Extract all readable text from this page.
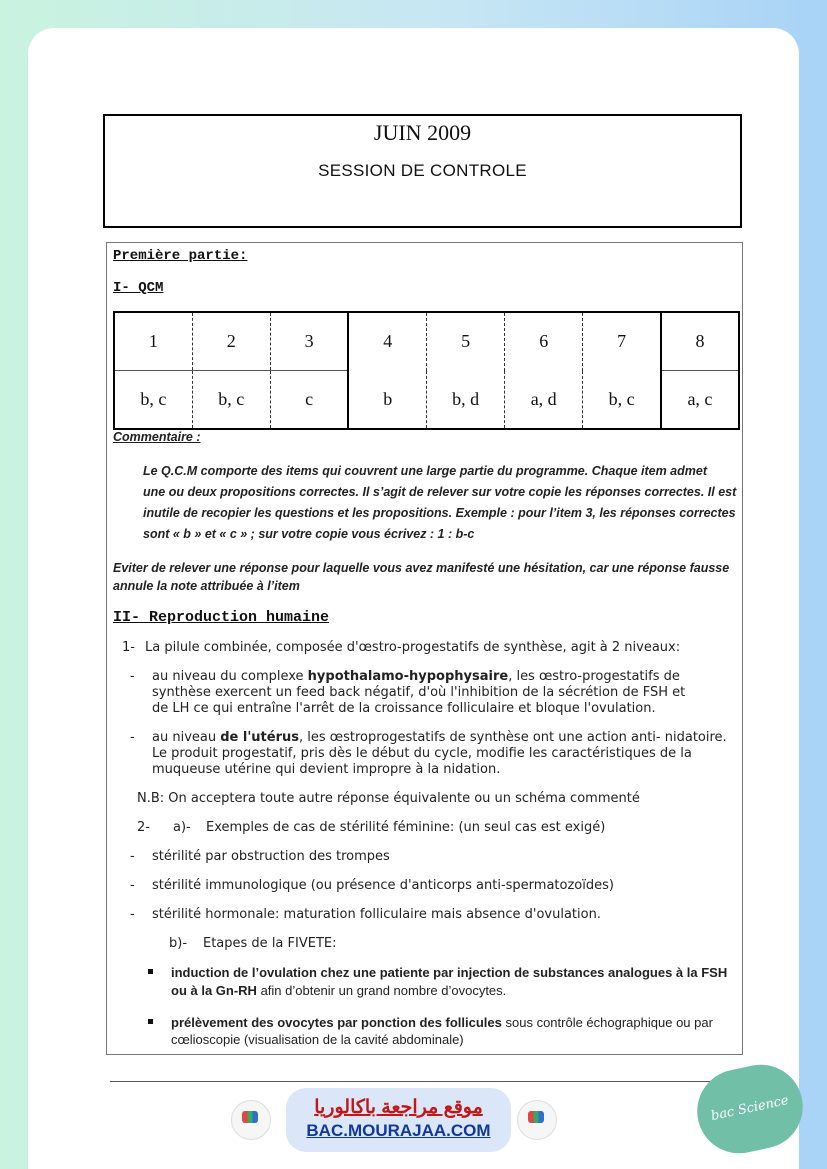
JUIN 2009
SESSION DE CONTROLE
Première partie:
I- QCM
1	2	3	4	5	6	7	8
b, c	b, c	c	b	b, d	a, d	b, c	a, c
Commentaire :
Le Q.C.M comporte des items qui couvrent une large partie du programme. Chaque item admet
une ou deux propositions correctes. Il s’agit de relever sur votre copie les réponses correctes. Il est
inutile de recopier les questions et les propositions. Exemple : pour l’item 3, les réponses correctes
sont « b » et « c » ; sur votre copie vous écrivez : 1 : b-c
Eviter de relever une réponse pour laquelle vous avez manifesté une hésitation, car une réponse fausse
annule la note attribuée à l’item
II- Reproduction humaine
1- La pilule combinée, composée d'œstro-progestatifs de synthèse, agit à 2 niveaux:
- au niveau du complexe hypothalamo-hypophysaire, les œstro-progestatifs de
synthèse exercent un feed back négatif, d'où l'inhibition de la sécrétion de FSH et
de LH ce qui entraîne l'arrêt de la croissance folliculaire et bloque l'ovulation.
- au niveau de l'utérus, les œstroprogestatifs de synthèse ont une action anti- nidatoire.
Le produit progestatif, pris dès le début du cycle, modifie les caractéristiques de la
muqueuse utérine qui devient impropre à la nidation.
N.B: On acceptera toute autre réponse équivalente ou un schéma commenté
2- a)- Exemples de cas de stérilité féminine: (un seul cas est exigé)
- stérilité par obstruction des trompes
- stérilité immunologique (ou présence d'anticorps anti-spermatozoïdes)
- stérilité hormonale: maturation folliculaire mais absence d'ovulation.
b)- Etapes de la FIVETE:
induction de l’ovulation chez une patiente par injection de substances analogues à la FSH
ou à la Gn-RH afin d’obtenir un grand nombre d’ovocytes.
prélèvement des ovocytes par ponction des follicules sous contrôle échographique ou par
cœlioscopie (visualisation de la cavité abdominale)
موقع مراجعة باكالوريا
BAC.MOURAJAA.COM
bac Science
